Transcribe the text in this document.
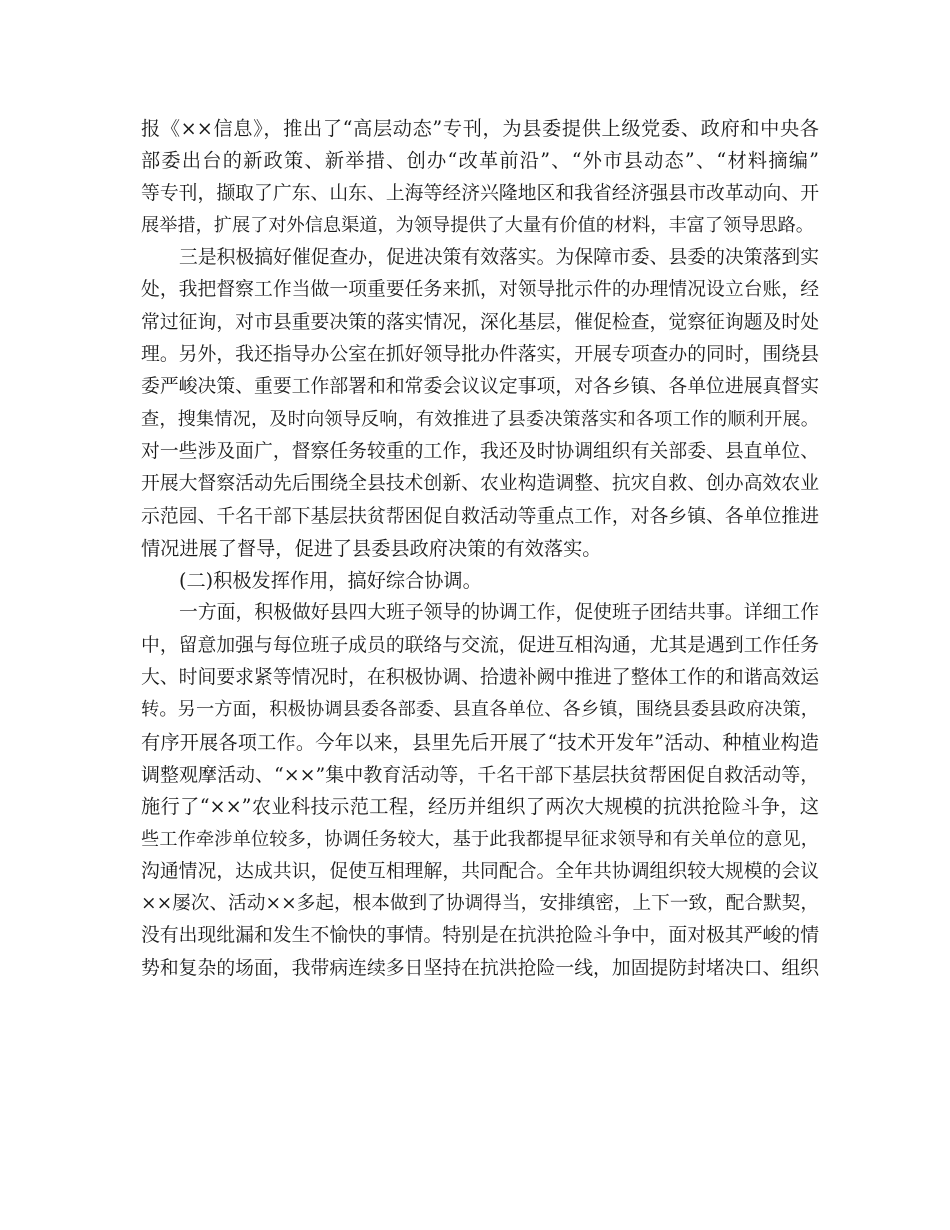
报《××信息》，推出了“高层动态”专刊，为县委提供上级党委、政府和中央各
部委出台的新政策、新举措、创办“改革前沿”、“外市县动态”、“材料摘编”
等专刊，撷取了广东、山东、上海等经济兴隆地区和我省经济强县市改革动向、开
展举措，扩展了对外信息渠道，为领导提供了大量有价值的材料，丰富了领导思路。
三是积极搞好催促查办，促进决策有效落实。为保障市委、县委的决策落到实
处，我把督察工作当做一项重要任务来抓，对领导批示件的办理情况设立台账，经
常过征询，对市县重要决策的落实情况，深化基层，催促检查，觉察征询题及时处
理。另外，我还指导办公室在抓好领导批办件落实，开展专项查办的同时，围绕县
委严峻决策、重要工作部署和和常委会议议定事项，对各乡镇、各单位进展真督实
查，搜集情况，及时向领导反响，有效推进了县委决策落实和各项工作的顺利开展。
对一些涉及面广，督察任务较重的工作，我还及时协调组织有关部委、县直单位、
开展大督察活动先后围绕全县技术创新、农业构造调整、抗灾自救、创办高效农业
示范园、千名干部下基层扶贫帮困促自救活动等重点工作，对各乡镇、各单位推进
情况进展了督导，促进了县委县政府决策的有效落实。
(二)积极发挥作用，搞好综合协调。
一方面，积极做好县四大班子领导的协调工作，促使班子团结共事。详细工作
中，留意加强与每位班子成员的联络与交流，促进互相沟通，尤其是遇到工作任务
大、时间要求紧等情况时，在积极协调、拾遗补阙中推进了整体工作的和谐高效运
转。另一方面，积极协调县委各部委、县直各单位、各乡镇，围绕县委县政府决策，
有序开展各项工作。今年以来，县里先后开展了“技术开发年”活动、种植业构造
调整观摩活动、“××”集中教育活动等，千名干部下基层扶贫帮困促自救活动等，
施行了“××”农业科技示范工程，经历并组织了两次大规模的抗洪抢险斗争，这
些工作牵涉单位较多，协调任务较大，基于此我都提早征求领导和有关单位的意见，
沟通情况，达成共识，促使互相理解，共同配合。全年共协调组织较大规模的会议
××屡次、活动××多起，根本做到了协调得当，安排缜密，上下一致，配合默契，
没有出现纰漏和发生不愉快的事情。特别是在抗洪抢险斗争中，面对极其严峻的情
势和复杂的场面，我带病连续多日坚持在抗洪抢险一线，加固提防封堵决口、组织
